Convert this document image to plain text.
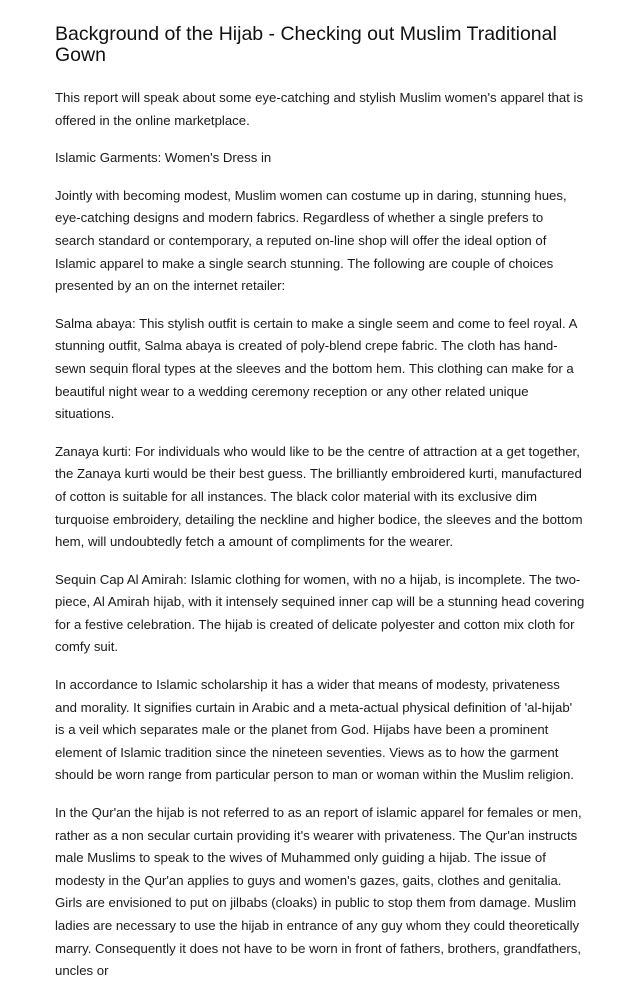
Background of the Hijab - Checking out Muslim Traditional Gown

This report will speak about some eye-catching and stylish Muslim women's apparel that is offered in the online marketplace.

Islamic Garments: Women's Dress in

Jointly with becoming modest, Muslim women can costume up in daring, stunning hues, eye-catching designs and modern fabrics. Regardless of whether a single prefers to search standard or contemporary, a reputed on-line shop will offer the ideal option of Islamic apparel to make a single search stunning. The following are couple of choices presented by an on the internet retailer:

Salma abaya: This stylish outfit is certain to make a single seem and come to feel royal. A stunning outfit, Salma abaya is created of poly-blend crepe fabric. The cloth has hand-sewn sequin floral types at the sleeves and the bottom hem. This clothing can make for a beautiful night wear to a wedding ceremony reception or any other related unique situations.

Zanaya kurti: For individuals who would like to be the centre of attraction at a get together, the Zanaya kurti would be their best guess. The brilliantly embroidered kurti, manufactured of cotton is suitable for all instances. The black color material with its exclusive dim turquoise embroidery, detailing the neckline and higher bodice, the sleeves and the bottom hem, will undoubtedly fetch a amount of compliments for the wearer.

Sequin Cap Al Amirah: Islamic clothing for women, with no a hijab, is incomplete. The two-piece, Al Amirah hijab, with it intensely sequined inner cap will be a stunning head covering for a festive celebration. The hijab is created of delicate polyester and cotton mix cloth for comfy suit.

In accordance to Islamic scholarship it has a wider that means of modesty, privateness and morality. It signifies curtain in Arabic and a meta-actual physical definition of 'al-hijab' is a veil which separates male or the planet from God. Hijabs have been a prominent element of Islamic tradition since the nineteen seventies. Views as to how the garment should be worn range from particular person to man or woman within the Muslim religion.

In the Qur'an the hijab is not referred to as an report of islamic apparel for females or men, rather as a non secular curtain providing it's wearer with privateness. The Qur'an instructs male Muslims to speak to the wives of Muhammed only guiding a hijab. The issue of modesty in the Qur'an applies to guys and women's gazes, gaits, clothes and genitalia. Girls are envisioned to put on jilbabs (cloaks) in public to stop them from damage. Muslim ladies are necessary to use the hijab in entrance of any guy whom they could theoretically marry. Consequently it does not have to be worn in front of fathers, brothers, grandfathers, uncles or
